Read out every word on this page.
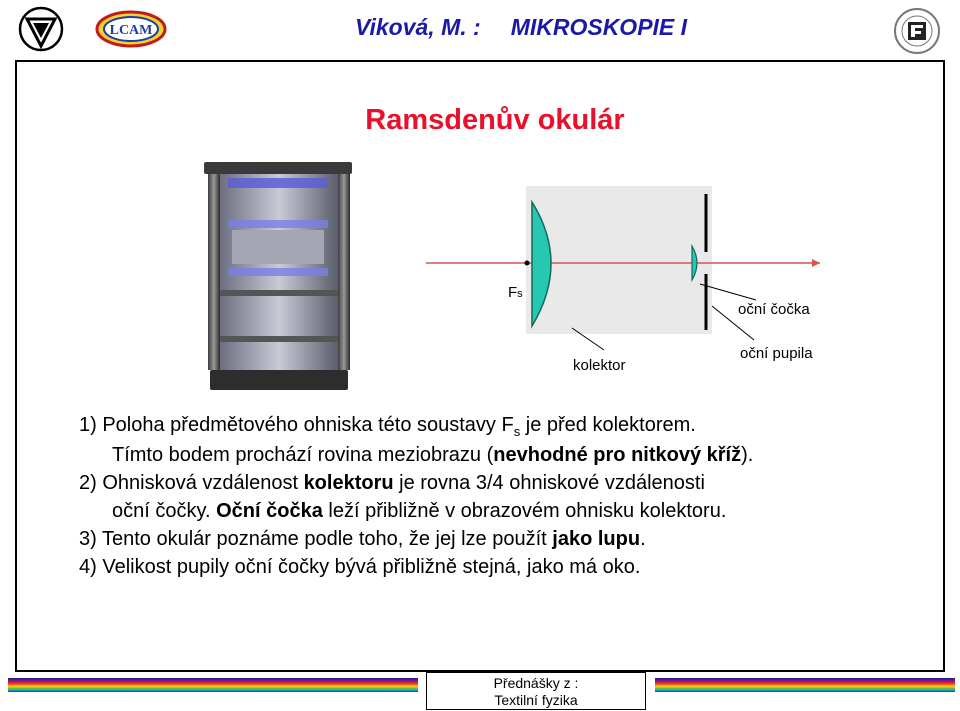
LCAM	Viková, M. : MIKROSKOPIE I
Ramsdenův okulár
Fs
oční čočka
kolektor
oční pupila
1) Poloha předmětového ohniska této soustavy $F_s$ je před kolektorem.
Tímto bodem prochází rovina meziobrazu (nevhodné pro nitkový kříž).
2) Ohnisková vzdálenost kolektoru je rovna 3/4 ohniskové vzdálenosti
oční čočky. Oční čočka leží přibližně v obrazovém ohnisku kolektoru.
3) Tento okulár poznáme podle toho, že jej lze použít jako lupu.
4) Velikost pupily oční čočky bývá přibližně stejná, jako má oko.
Přednášky z :
Textilní fyzika
